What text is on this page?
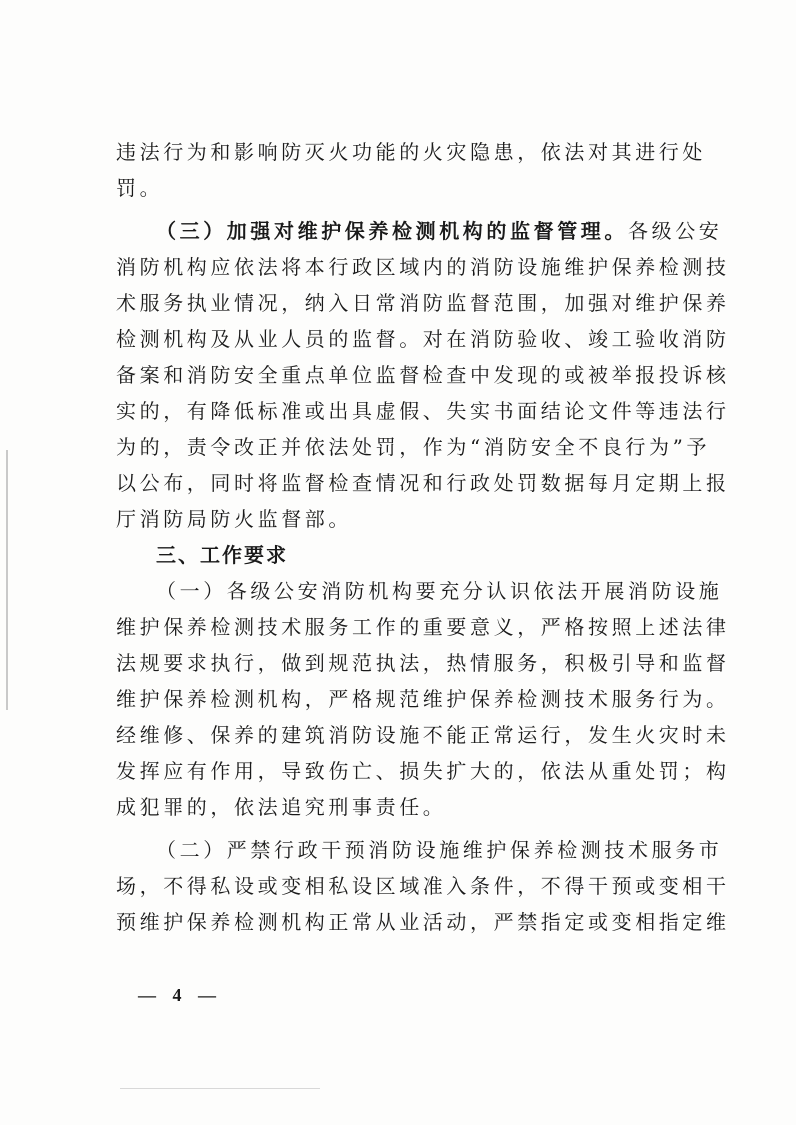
违法行为和影响防灭火功能的火灾隐患，依法对其进行处
罚。
（三）加强对维护保养检测机构的监督管理。各级公安
消防机构应依法将本行政区域内的消防设施维护保养检测技
术服务执业情况，纳入日常消防监督范围，加强对维护保养
检测机构及从业人员的监督。对在消防验收、竣工验收消防
备案和消防安全重点单位监督检查中发现的或被举报投诉核
实的，有降低标准或出具虚假、失实书面结论文件等违法行
为的，责令改正并依法处罚，作为“消防安全不良行为”予
以公布，同时将监督检查情况和行政处罚数据每月定期上报
厅消防局防火监督部。
三、工作要求
（一）各级公安消防机构要充分认识依法开展消防设施
维护保养检测技术服务工作的重要意义，严格按照上述法律
法规要求执行，做到规范执法，热情服务，积极引导和监督
维护保养检测机构，严格规范维护保养检测技术服务行为。
经维修、保养的建筑消防设施不能正常运行，发生火灾时未
发挥应有作用，导致伤亡、损失扩大的，依法从重处罚；构
成犯罪的，依法追究刑事责任。
（二）严禁行政干预消防设施维护保养检测技术服务市
场，不得私设或变相私设区域准入条件，不得干预或变相干
预维护保养检测机构正常从业活动，严禁指定或变相指定维
— 4 —
